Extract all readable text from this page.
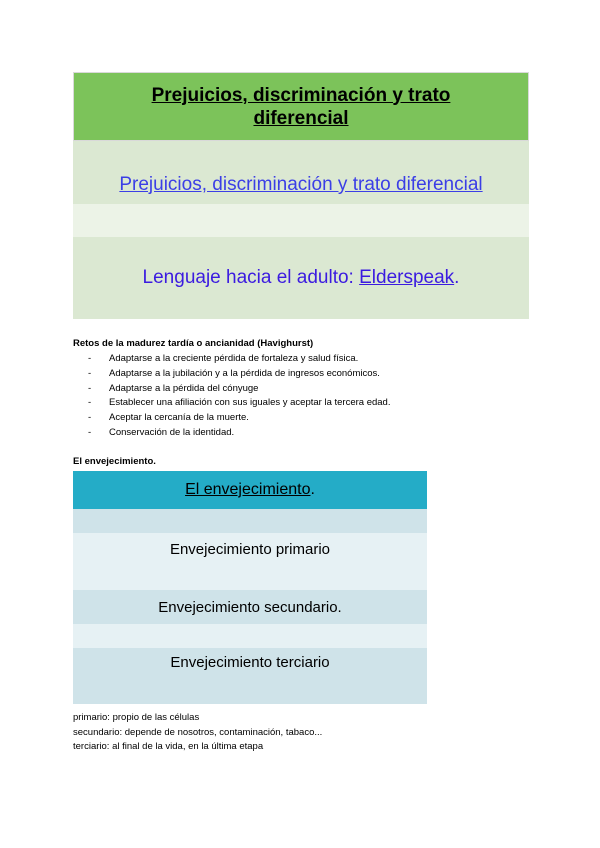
Prejuicios, discriminación y trato diferencial
Prejuicios, discriminación y trato diferencial
Lenguaje hacia el adulto: Elderspeak.
Retos de la madurez tardía o ancianidad (Havighurst)
- Adaptarse a la creciente pérdida de fortaleza y salud física.
- Adaptarse a la jubilación y a la pérdida de ingresos económicos.
- Adaptarse a la pérdida del cónyuge
- Establecer una afiliación con sus iguales y aceptar la tercera edad.
- Aceptar la cercanía de la muerte.
- Conservación de la identidad.
El envejecimiento.
El envejecimiento.
Envejecimiento primario
Envejecimiento secundario.
Envejecimiento terciario
primario: propio de las células
secundario: depende de nosotros, contaminación, tabaco...
terciario: al final de la vida, en la última etapa
